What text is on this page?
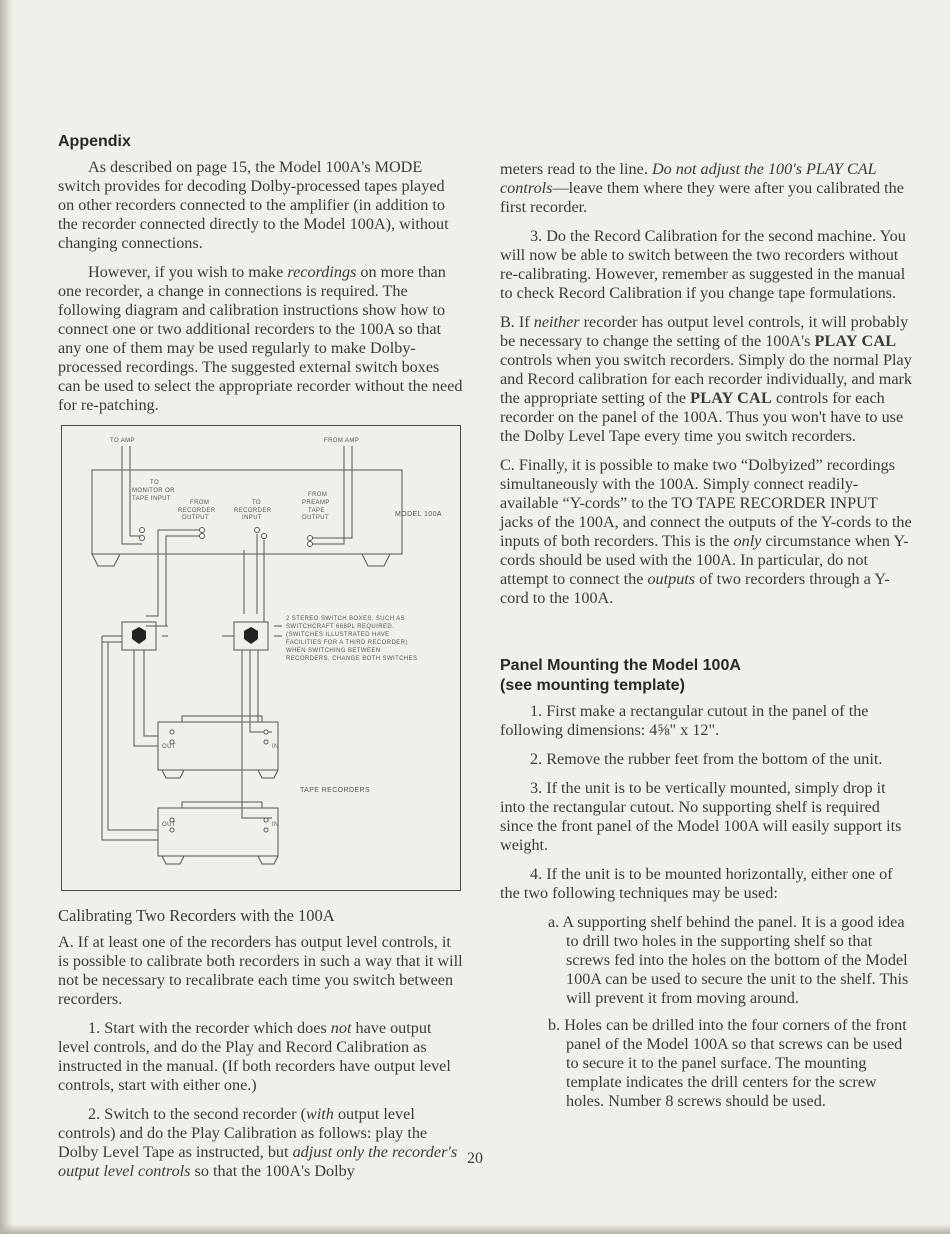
Appendix

As described on page 15, the Model 100A's MODE switch provides for decoding Dolby-processed tapes played on other recorders connected to the amplifier (in addition to the recorder connected directly to the Model 100A), without changing connections.

However, if you wish to make recordings on more than one recorder, a change in connections is required. The following diagram and calibration instructions show how to connect one or two additional recorders to the 100A so that any one of them may be used regularly to make Dolby-processed recordings. The suggested external switch boxes can be used to select the appropriate recorder without the need for re-patching.

TO AMP	FROM AMP
TO
MONITOR OR
TAPE INPUT
FROM
RECORDER
OUTPUT
TO
RECORDER
INPUT
FROM
PREAMP
TAPE
OUTPUT	MODEL 100A
2 STEREO SWITCH BOXES, SUCH AS
SWITCHCRAFT 668PL REQUIRED.
(SWITCHES ILLUSTRATED HAVE
FACILITIES FOR A THIRD RECORDER)
WHEN SWITCHING BETWEEN
RECORDERS, CHANGE BOTH SWITCHES
OUT	IN
TAPE RECORDERS
OUT	IN
Calibrating Two Recorders with the 100A

A. If at least one of the recorders has output level controls, it is possible to calibrate both recorders in such a way that it will not be necessary to recalibrate each time you switch between recorders.

1. Start with the recorder which does not have output level controls, and do the Play and Record Calibration as instructed in the manual. (If both recorders have output level controls, start with either one.)

2. Switch to the second recorder (with output level controls) and do the Play Calibration as follows: play the Dolby Level Tape as instructed, but adjust only the recorder's output level controls so that the 100A's Dolby

meters read to the line. Do not adjust the 100's PLAY CAL controls—leave them where they were after you calibrated the first recorder.

3. Do the Record Calibration for the second machine. You will now be able to switch between the two recorders without re-calibrating. However, remember as suggested in the manual to check Record Calibration if you change tape formulations.

B. If neither recorder has output level controls, it will probably be necessary to change the setting of the 100A's PLAY CAL controls when you switch recorders. Simply do the normal Play and Record calibration for each recorder individually, and mark the appropriate setting of the PLAY CAL controls for each recorder on the panel of the 100A. Thus you won't have to use the Dolby Level Tape every time you switch recorders.

C. Finally, it is possible to make two “Dolbyized” recordings simultaneously with the 100A. Simply connect readily-available “Y-cords” to the TO TAPE RECORDER INPUT jacks of the 100A, and connect the outputs of the Y-cords to the inputs of both recorders. This is the only circumstance when Y-cords should be used with the 100A. In particular, do not attempt to connect the outputs of two recorders through a Y-cord to the 100A.

Panel Mounting the Model 100A
(see mounting template)

1. First make a rectangular cutout in the panel of the following dimensions: 4⅝" x 12".

2. Remove the rubber feet from the bottom of the unit.

3. If the unit is to be vertically mounted, simply drop it into the rectangular cutout. No supporting shelf is required since the front panel of the Model 100A will easily support its weight.

4. If the unit is to be mounted horizontally, either one of the two following techniques may be used:

a. A supporting shelf behind the panel. It is a good idea to drill two holes in the supporting shelf so that screws fed into the holes on the bottom of the Model 100A can be used to secure the unit to the shelf. This will prevent it from moving around.
b. Holes can be drilled into the four corners of the front panel of the Model 100A so that screws can be used to secure it to the panel surface. The mounting template indicates the drill centers for the screw holes. Number 8 screws should be used.
20
